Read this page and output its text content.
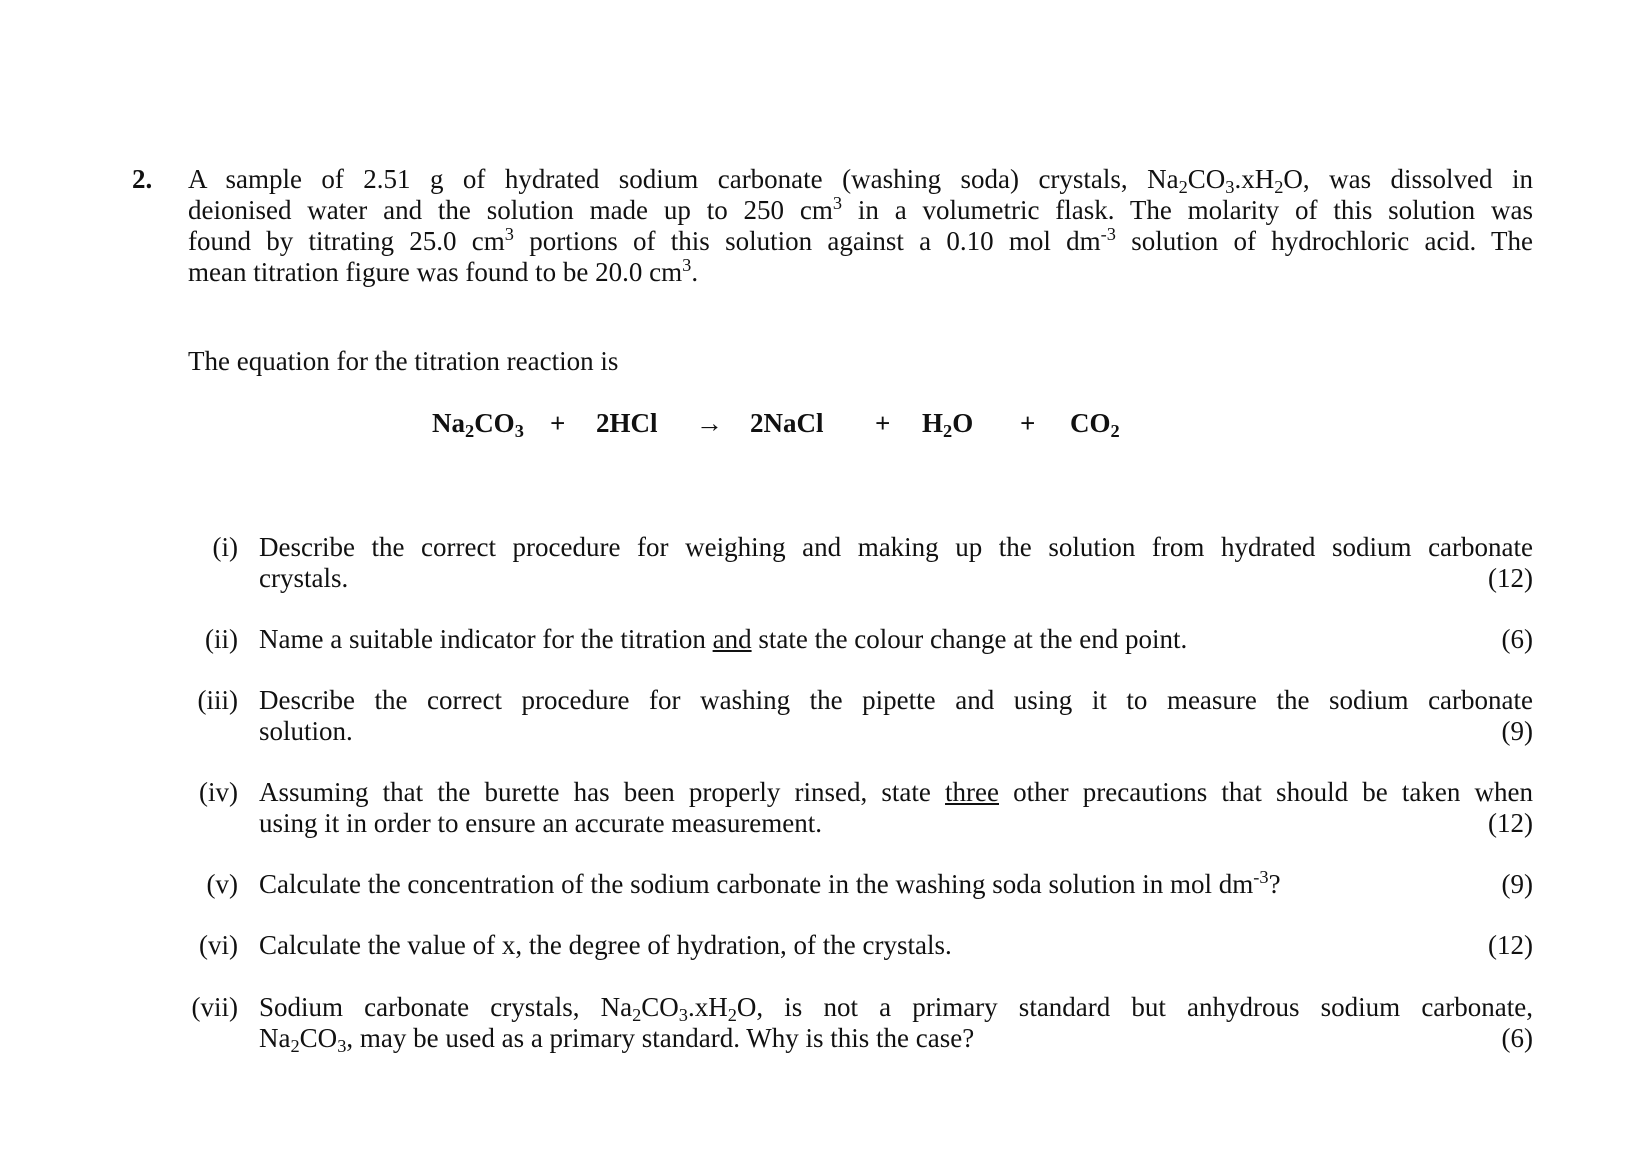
2. A sample of 2.51 g of hydrated sodium carbonate (washing soda) crystals, $Na_2CO_3.xH_2O$, was dissolved in
deionised water and the solution made up to 250 $cm^3$ in a volumetric flask. The molarity of this solution was
found by titrating 25.0 $cm^3$ portions of this solution against a 0.10 mol $dm^{-3}$ solution of hydrochloric acid. The
mean titration figure was found to be 20.0 $cm^3$.
The equation for the titration reaction is
$Na_2CO_3 + 2HCl$ → 2NaCl + $H_2O + CO_2$
(i) Describe the correct procedure for weighing and making up the solution from hydrated sodium carbonate
crystals.	(12)
(ii) Name a suitable indicator for the titration and state the colour change at the end point.	(6)
(iii) Describe the correct procedure for washing the pipette and using it to measure the sodium carbonate
solution.	(9)
(iv) Assuming that the burette has been properly rinsed, state three other precautions that should be taken when
using it in order to ensure an accurate measurement.	(12)
(v) Calculate the concentration of the sodium carbonate in the washing soda solution in mol $dm^{-3}$?	(9)
(vi) Calculate the value of x, the degree of hydration, of the crystals.	(12)
(vii) Sodium carbonate crystals, $Na_2CO_3.xH_2O$, is not a primary standard but anhydrous sodium carbonate,
$Na_2CO_3$, may be used as a primary standard. Why is this the case?	(6)
